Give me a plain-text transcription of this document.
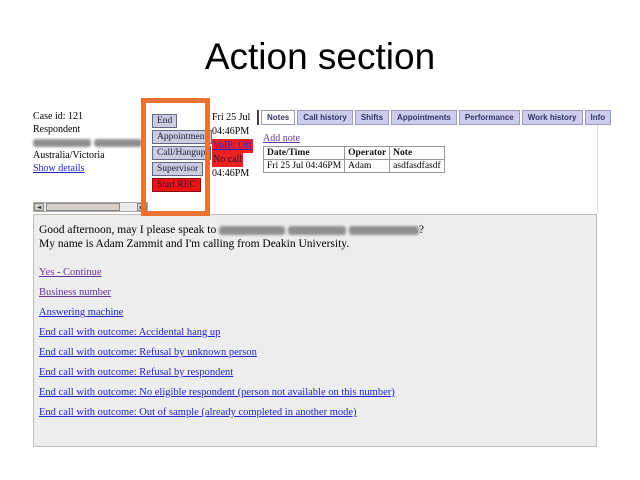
Action section
Case id: 121
Respondent

Australia/Victoria
Show details
◄	►
End
Appointment
Call/Hangup
Supervisor
Start REC
Fri 25 Jul
04:46PM
VoIP: Off
No call
04:46PM
Notes	Call history	Shifts	Appointments	Performance	Work history	Info
Add note
Date/Time	Operator	Note
Fri 25 Jul 04:46PM	Adam	asdfasdfasdf
Good afternoon, may I please speak to	?
My name is Adam Zammit and I'm calling from Deakin University.
Yes - Continue
Business number
Answering machine
End call with outcome: Accidental hang up
End call with outcome: Refusal by unknown person
End call with outcome: Refusal by respondent
End call with outcome: No eligible respondent (person not available on this number)
End call with outcome: Out of sample (already completed in another mode)
